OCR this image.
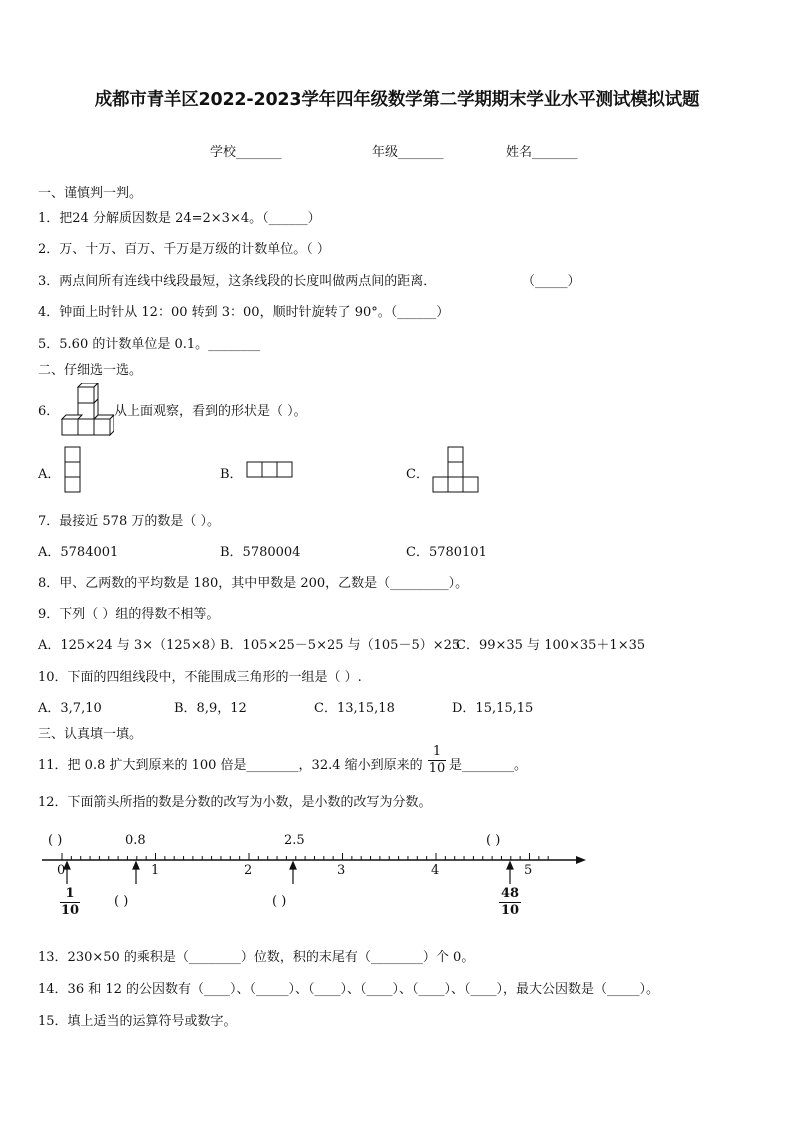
成都市青羊区2022-2023学年四年级数学第二学期期末学业水平测试模拟试题
学校_______	年级_______	姓名_______
一、谨慎判一判。
1．把24 分解质因数是 24=2×3×4。（______）
2．万、十万、百万、千万是万级的计数单位。（ ）
3．两点间所有连线中线段最短，这条线段的长度叫做两点间的距离．	（_____）
4．钟面上时针从 12：00 转到 3：00，顺时针旋转了 90°。（______）
5．5.60 的计数单位是 0.1。________
二、仔细选一选。
6．	从上面观察，看到的形状是（ ）。
A．	B．	C．
7．最接近 578 万的数是（ ）。
A．5784001	B．5780004	C．5780101
8．甲、乙两数的平均数是 180，其中甲数是 200，乙数是（_________）。
9．下列（ ）组的得数不相等。
A．125×24 与 3×（125×8）
B．105×25－5×25 与（105－5）×25
C．99×35 与 100×35＋1×35
10．下面的四组线段中，不能围成三角形的一组是（ ）.
A．3,7,10	B．8,9，12	C．13,15,18	D．15,15,15
三、认真填一填。
11．把 0.8 扩大到原来的 100 倍是________，32.4 缩小到原来的
1
10 是________。
12．下面箭头所指的数是分数的改写为小数，是小数的改写为分数。
( )	0.8	2.5	( )
0	1	2	3	4	5
1
10
( )	( )
48
10
13．230×50 的乘积是（________）位数，积的末尾有（________）个 0。
14．36 和 12 的公因数有（____）、（_____）、（____）、（____）、（____）、（____），最大公因数是（_____）。
15．填上适当的运算符号或数字。
